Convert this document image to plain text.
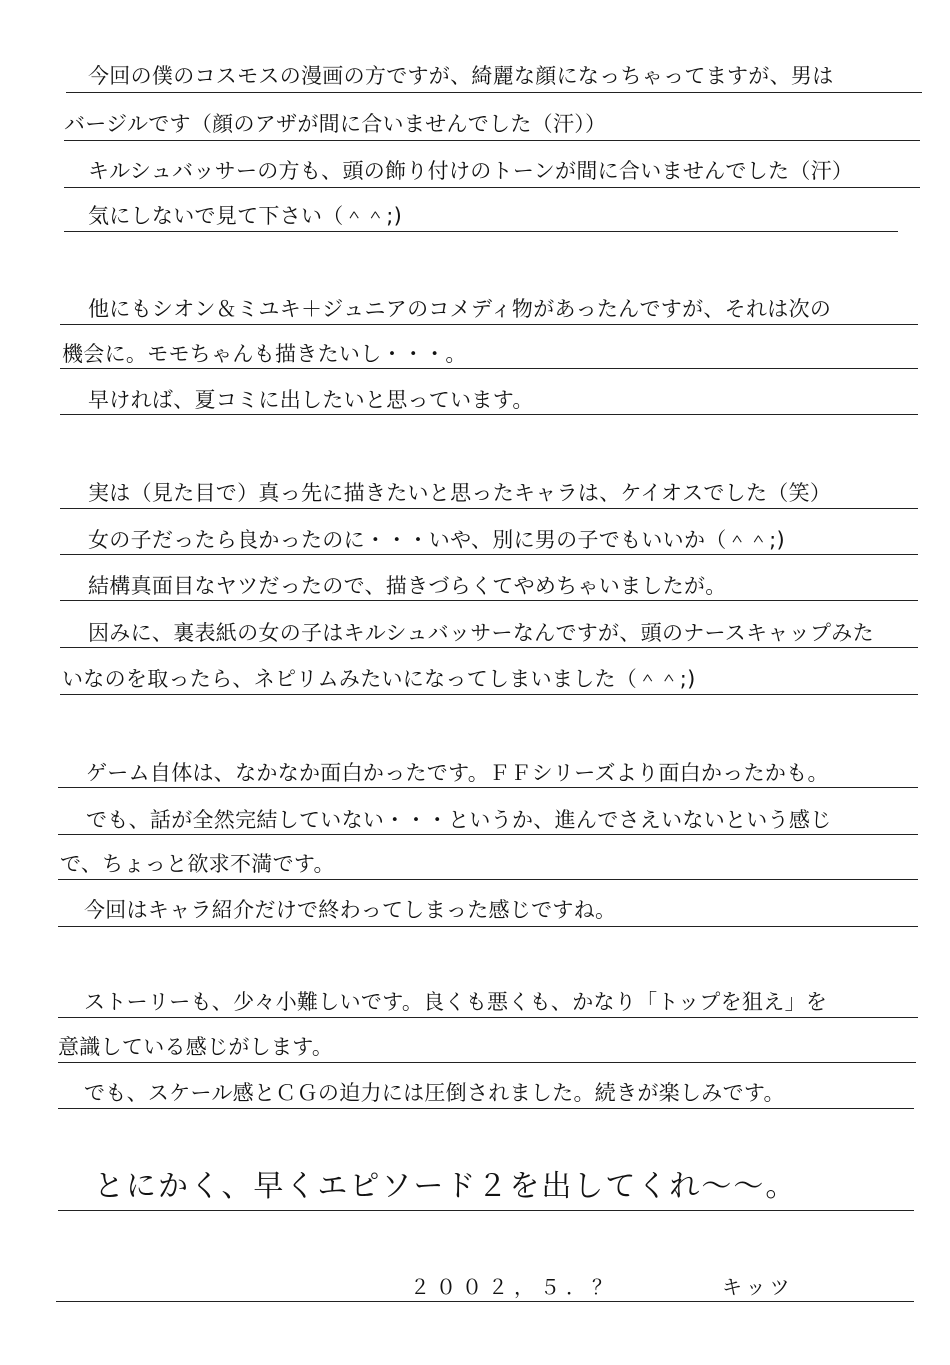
今回の僕のコスモスの漫画の方ですが、綺麗な顔になっちゃってますが、男は
バージルです（顔のアザが間に合いませんでした（汗））
キルシュバッサーの方も、頭の飾り付けのトーンが間に合いませんでした（汗）
気にしないで見て下さい（＾＾;)
他にもシオン＆ミユキ＋ジュニアのコメディ物があったんですが、それは次の
機会に。モモちゃんも描きたいし・・・。
早ければ、夏コミに出したいと思っています。
実は（見た目で）真っ先に描きたいと思ったキャラは、ケイオスでした（笑）
女の子だったら良かったのに・・・いや、別に男の子でもいいか（＾＾;)
結構真面目なヤツだったので、描きづらくてやめちゃいましたが。
因みに、裏表紙の女の子はキルシュバッサーなんですが、頭のナースキャップみた
いなのを取ったら、ネピリムみたいになってしまいました（＾＾;)
ゲーム自体は、なかなか面白かったです。ＦＦシリーズより面白かったかも。
でも、話が全然完結していない・・・というか、進んでさえいないという感じ
で、ちょっと欲求不満です。
今回はキャラ紹介だけで終わってしまった感じですね。
ストーリーも、少々小難しいです。良くも悪くも、かなり「トップを狙え」を
意識している感じがします。
でも、スケール感とＣＧの迫力には圧倒されました。続きが楽しみです。
とにかく、早くエピソード２を出してくれ〜〜。
２００２，５．？	キッツ
